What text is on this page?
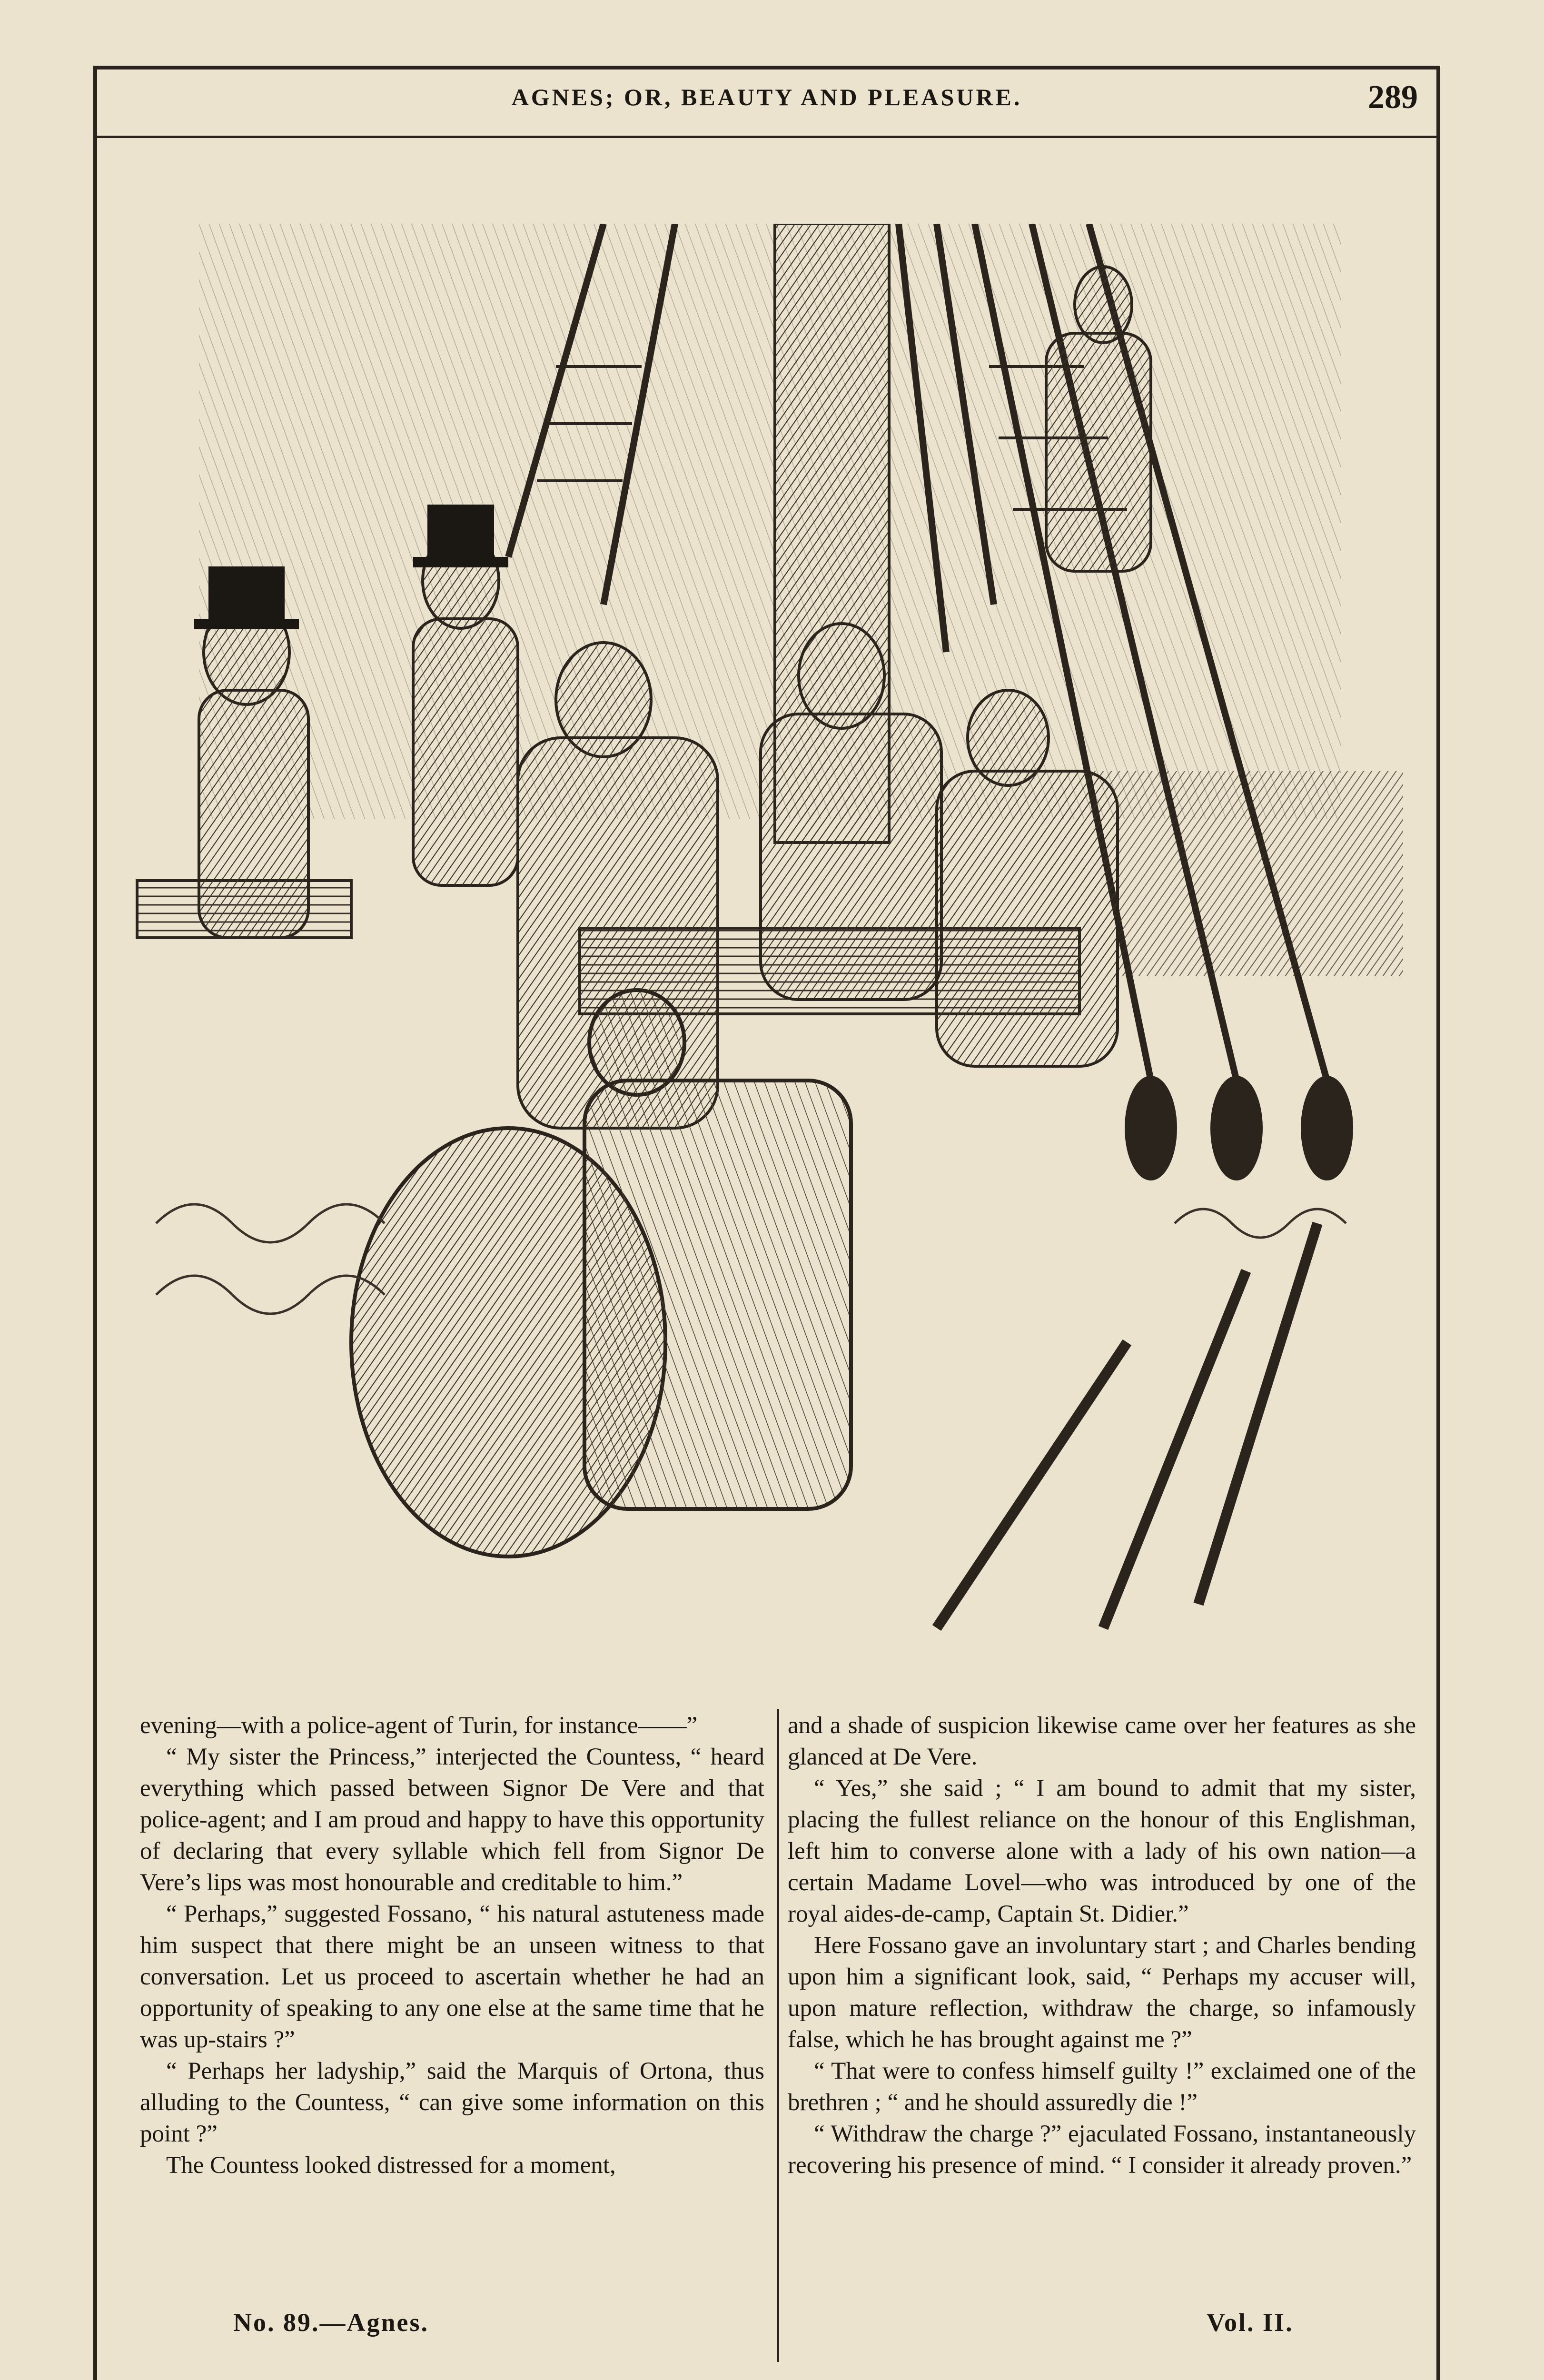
AGNES; OR, BEAUTY AND PLEASURE.	289

evening—with a police-agent of Turin, for instance——”

“ My sister the Princess,” interjected the Countess, “ heard everything which passed between Signor De Vere and that police-agent; and I am proud and happy to have this opportunity of declaring that every syllable which fell from Signor De Vere’s lips was most honourable and creditable to him.”

“ Perhaps,” suggested Fossano, “ his natural astuteness made him suspect that there might be an unseen witness to that conversation. Let us proceed to ascertain whether he had an opportunity of speaking to any one else at the same time that he was up-stairs ?”

“ Perhaps her ladyship,” said the Marquis of Ortona, thus alluding to the Countess, “ can give some information on this point ?”

The Countess looked distressed for a moment,

and a shade of suspicion likewise came over her features as she glanced at De Vere.

“ Yes,” she said ; “ I am bound to admit that my sister, placing the fullest reliance on the honour of this Englishman, left him to converse alone with a lady of his own nation—a certain Madame Lovel—who was introduced by one of the royal aides-de-camp, Captain St. Didier.”

Here Fossano gave an involuntary start ; and Charles bending upon him a significant look, said, “ Perhaps my accuser will, upon mature reflection, withdraw the charge, so infamously false, which he has brought against me ?”

“ That were to confess himself guilty !” exclaimed one of the brethren ; “ and he should assuredly die !”

“ Withdraw the charge ?” ejaculated Fossano, instantaneously recovering his presence of mind. “ I consider it already proven.”

No. 89.—Agnes.	Vol. II.
